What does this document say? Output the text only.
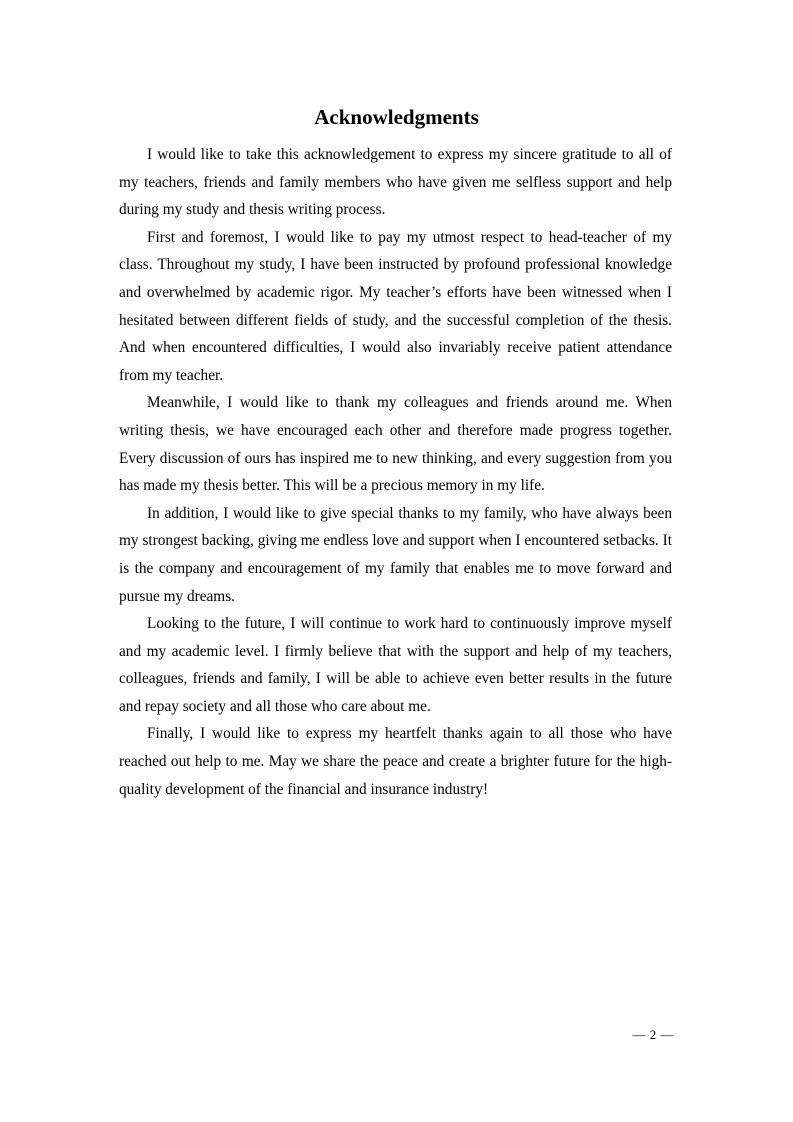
Acknowledgments

I would like to take this acknowledgement to express my sincere gratitude to all of my teachers, friends and family members who have given me selfless support and help during my study and thesis writing process.

First and foremost, I would like to pay my utmost respect to head-teacher of my class. Throughout my study, I have been instructed by profound professional knowledge and overwhelmed by academic rigor. My teacher’s efforts have been witnessed when I hesitated between different fields of study, and the successful completion of the thesis. And when encountered difficulties, I would also invariably receive patient attendance from my teacher.

Meanwhile, I would like to thank my colleagues and friends around me. When writing thesis, we have encouraged each other and therefore made progress together. Every discussion of ours has inspired me to new thinking, and every suggestion from you has made my thesis better. This will be a precious memory in my life.

In addition, I would like to give special thanks to my family, who have always been my strongest backing, giving me endless love and support when I encountered setbacks. It is the company and encouragement of my family that enables me to move forward and pursue my dreams.

Looking to the future, I will continue to work hard to continuously improve myself and my academic level. I firmly believe that with the support and help of my teachers, colleagues, friends and family, I will be able to achieve even better results in the future and repay society and all those who care about me.

Finally, I would like to express my heartfelt thanks again to all those who have reached out help to me. May we share the peace and create a brighter future for the high-quality development of the financial and insurance industry!

— 2 —
